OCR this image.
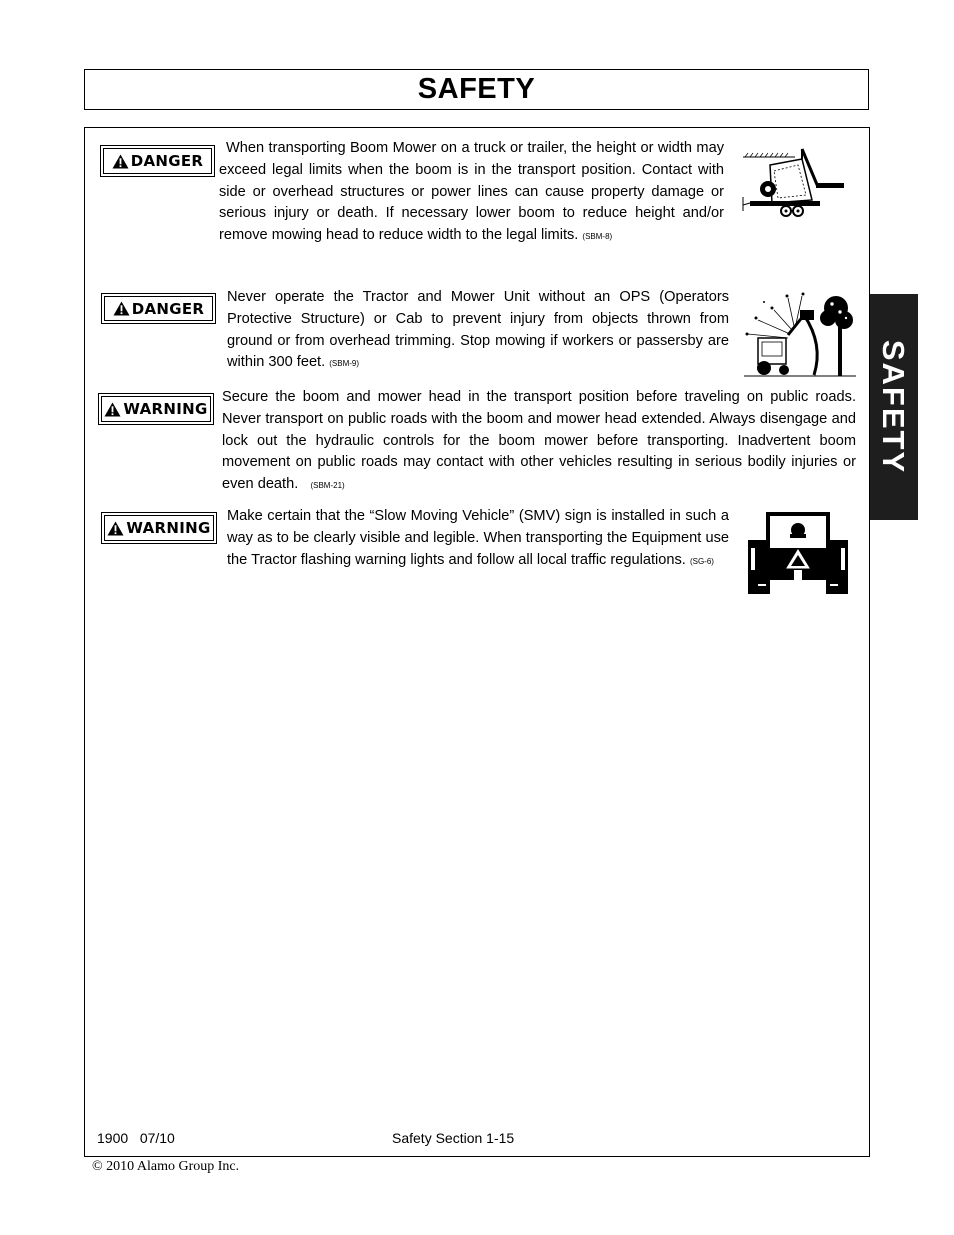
SAFETY
SAFETY
DANGER

When transporting Boom Mower on a truck or trailer, the height or width may exceed legal limits when the boom is in the transport position. Contact with side or overhead structures or power lines can cause property damage or serious injury or death. If necessary lower boom to reduce height and/or remove mowing head to reduce width to the legal limits. (SBM-8)

DANGER

Never operate the Tractor and Mower Unit without an OPS (Operators Protective Structure) or Cab to prevent injury from objects thrown from ground or from overhead trimming. Stop mowing if workers or passersby are within 300 feet. (SBM-9)

WARNING

Secure the boom and mower head in the transport position before traveling on public roads. Never transport on public roads with the boom and mower head extended. Always disengage and lock out the hydraulic controls for the boom mower before transporting. Inadvertent boom movement on public roads may contact with other vehicles resulting in serious bodily injuries or even death. (SBM-21)

WARNING

Make certain that the “Slow Moving Vehicle” (SMV) sign is installed in such a way as to be clearly visible and legible. When transporting the Equipment use the Tractor flashing warning lights and follow all local traffic regulations. (SG-6)

1900   07/10	Safety Section 1-15
© 2010 Alamo Group Inc.
